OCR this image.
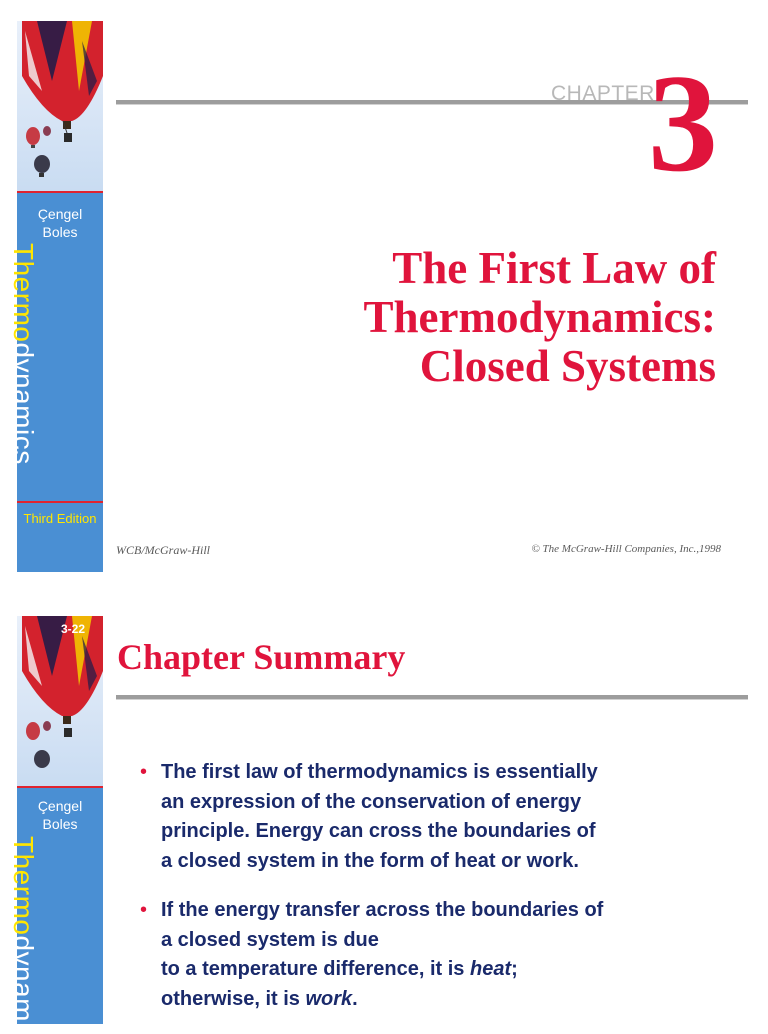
Çengel
Boles
Thermodynamics
Third Edition
CHAPTER
3
The First Law of
Thermodynamics:
Closed Systems
WCB/McGraw-Hill	© The McGraw-Hill Companies, Inc.,1998
3-22
Çengel
Boles
Thermodynam
Chapter Summary
• The first law of thermodynamics is essentially
an expression of the conservation of energy
principle. Energy can cross the boundaries of
a closed system in the form of heat or work.
• If the energy transfer across the boundaries of
a closed system is due
to a temperature difference, it is heat;
otherwise, it is work.
